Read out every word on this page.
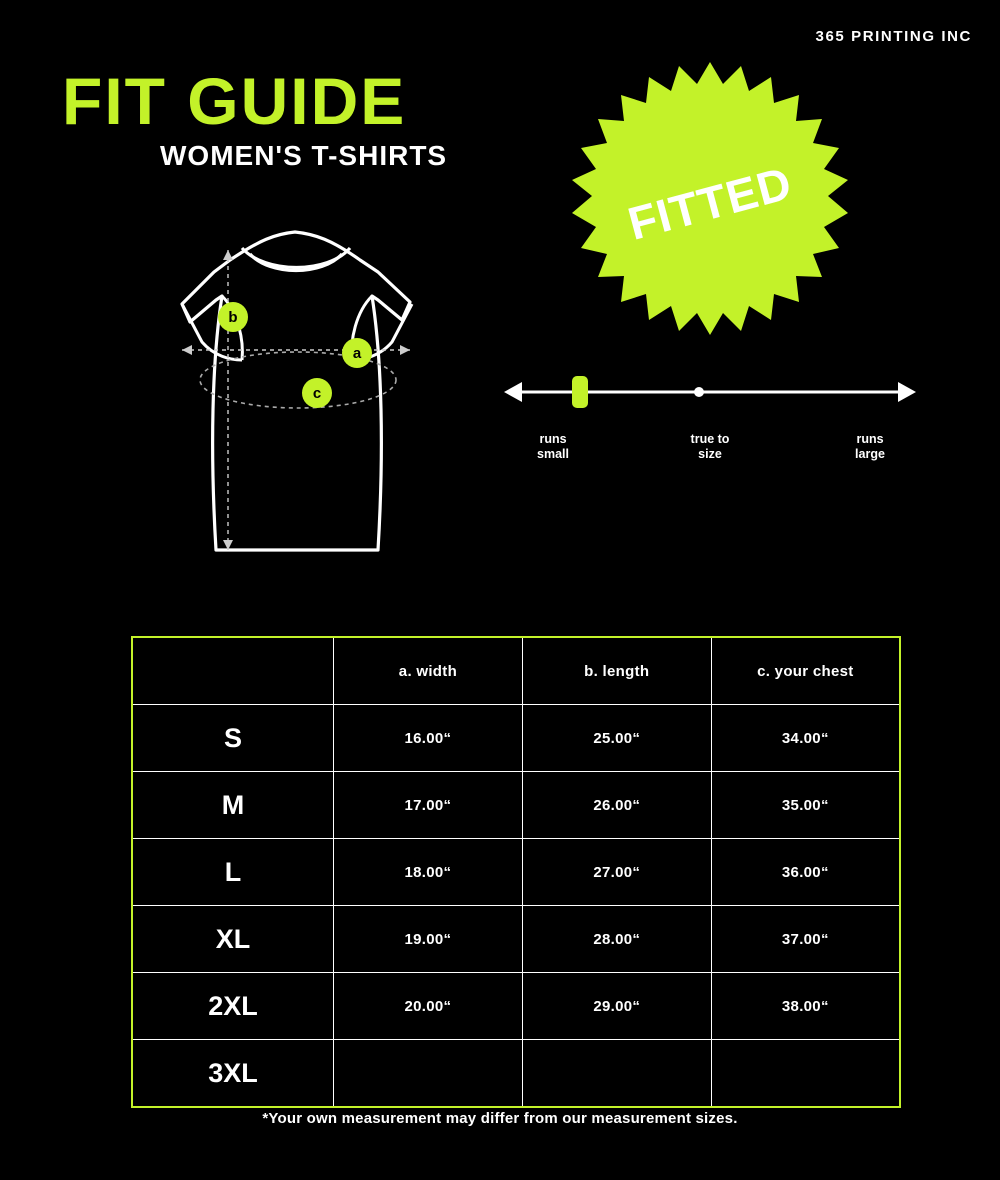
365 PRINTING INC
FIT GUIDE
WOMEN'S T-SHIRTS
b
a
c
FITTED
runs
small
true to
size
runs
large
	a. width	b. length	c. your chest
S	16.00“	25.00“	34.00“
M	17.00“	26.00“	35.00“
L	18.00“	27.00“	36.00“
XL	19.00“	28.00“	37.00“
2XL	20.00“	29.00“	38.00“
3XL			
*Your own measurement may differ from our measurement sizes.
